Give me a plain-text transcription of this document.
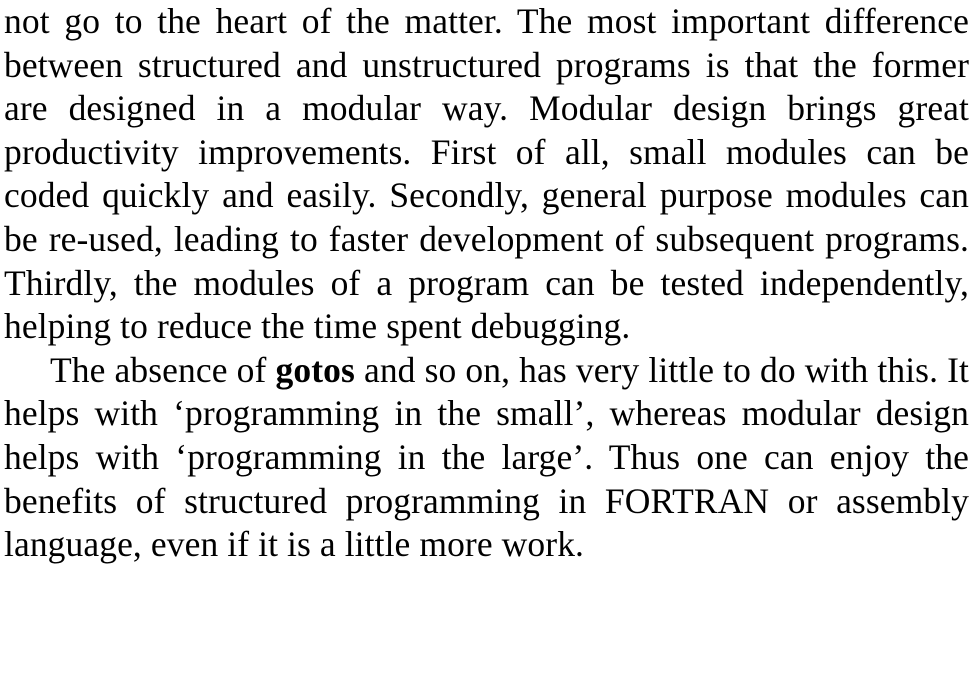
not go to the heart of the matter. The most important difference between structured and unstructured programs is that the former are designed in a modular way. Modular design brings great productivity improvements. First of all, small modules can be coded quickly and easily. Secondly, general purpose modules can be re-used, leading to faster development of subsequent programs. Thirdly, the modules of a program can be tested independently, helping to reduce the time spent debugging.

The absence of gotos and so on, has very little to do with this. It helps with ‘programming in the small’, whereas modular design helps with ‘programming in the large’. Thus one can enjoy the benefits of structured programming in FORTRAN or assembly language, even if it is a little more work.
